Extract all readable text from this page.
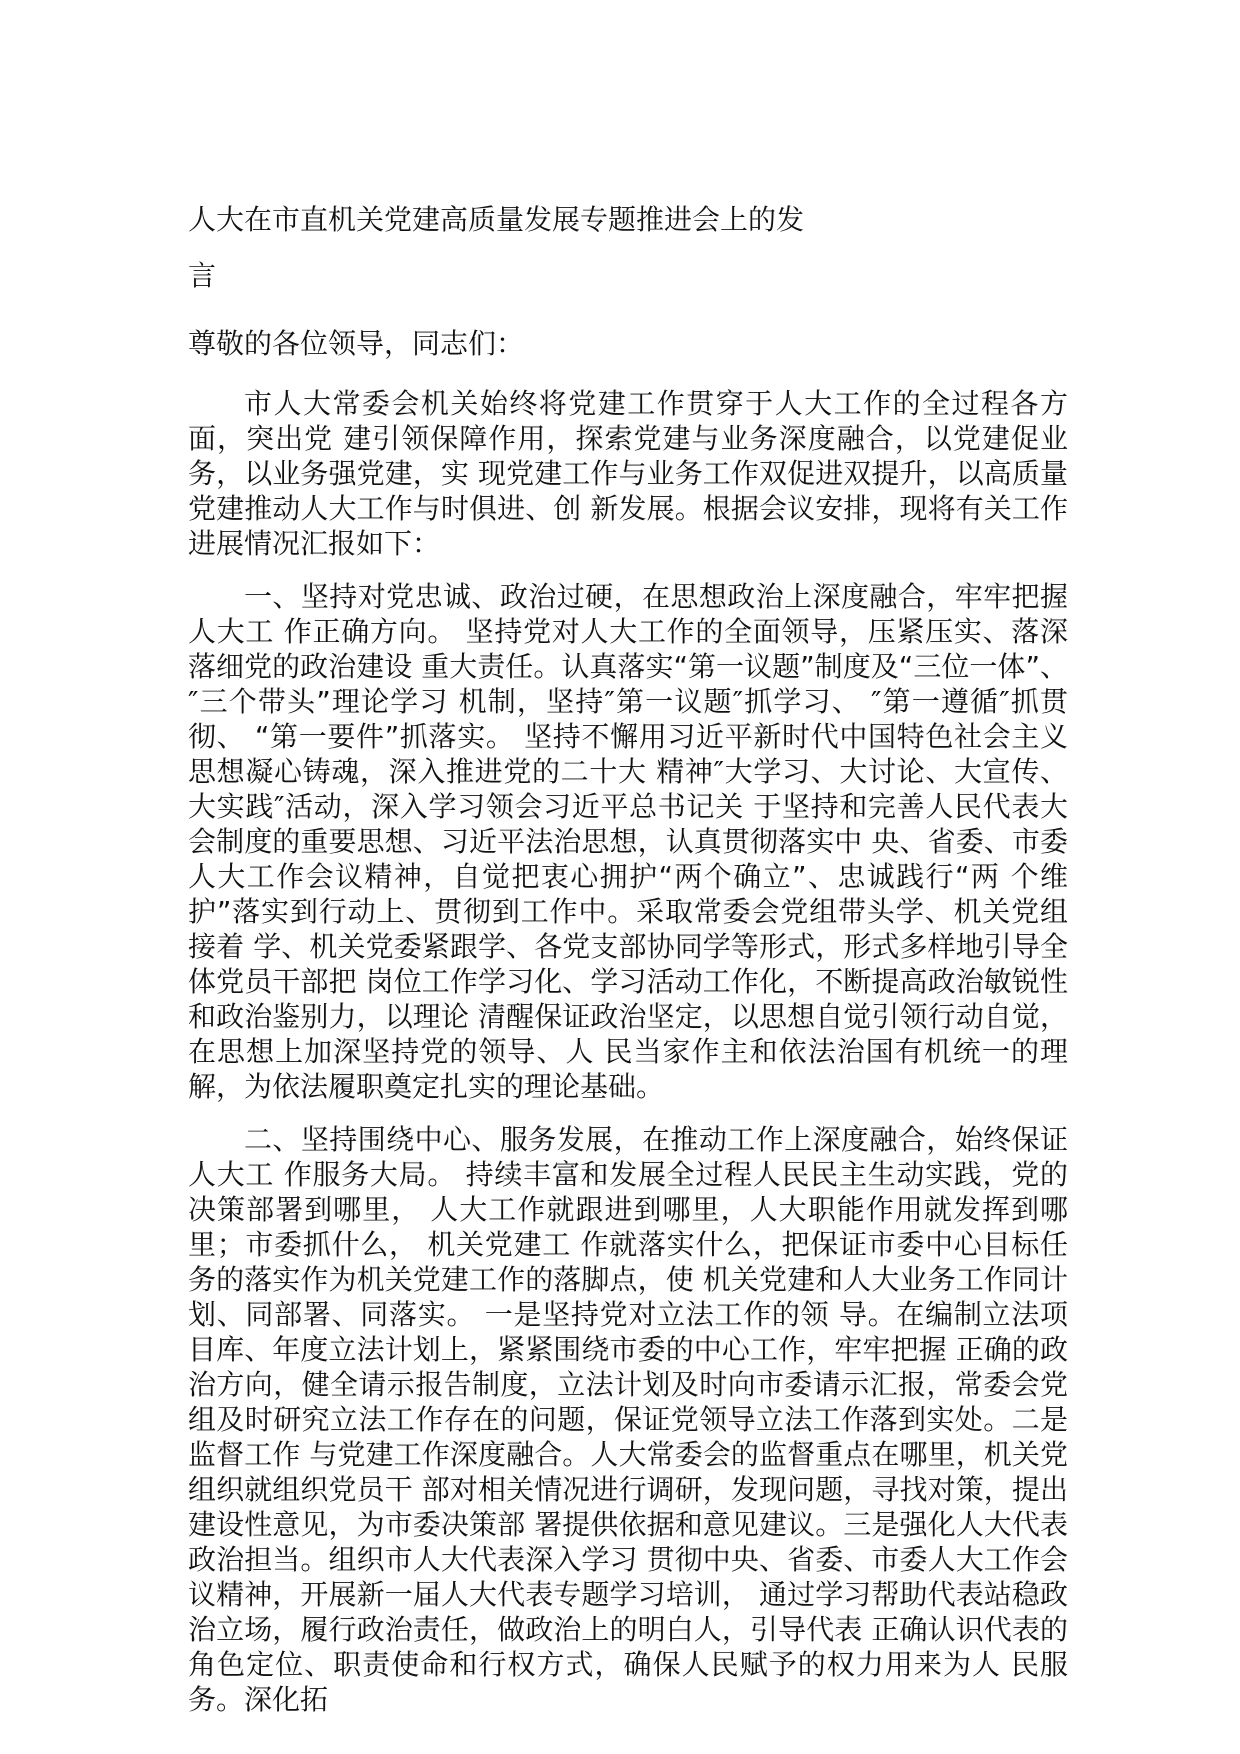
人大在市直机关党建高质量发展专题推进会上的发
言

尊敬的各位领导，同志们：

市人大常委会机关始终将党建工作贯穿于人大工作的全过程各方面，突出党 建引领保障作用，探索党建与业务深度融合，以党建促业务，以业务强党建，实 现党建工作与业务工作双促进双提升，以高质量党建推动人大工作与时俱进、创 新发展。根据会议安排，现将有关工作进展情况汇报如下：

一、坚持对党忠诚、政治过硬，在思想政治上深度融合，牢牢把握人大工 作正确方向。 坚持党对人大工作的全面领导，压紧压实、落深落细党的政治建设 重大责任。认真落实“第一议题”制度及“三位一体”、″三个带头”理论学习 机制，坚持″第一议题″抓学习、 ″第一遵循″抓贯彻、 “第一要件”抓落实。 坚持不懈用习近平新时代中国特色社会主义思想凝心铸魂，深入推进党的二十大 精神″大学习、大讨论、大宣传、大实践″活动，深入学习领会习近平总书记关 于坚持和完善人民代表大会制度的重要思想、习近平法治思想，认真贯彻落实中 央、省委、市委人大工作会议精神，自觉把衷心拥护“两个确立”、忠诚践行“两 个维护”落实到行动上、贯彻到工作中。采取常委会党组带头学、机关党组接着 学、机关党委紧跟学、各党支部协同学等形式，形式多样地引导全体党员干部把 岗位工作学习化、学习活动工作化，不断提高政治敏锐性和政治鉴别力，以理论 清醒保证政治坚定，以思想自觉引领行动自觉，在思想上加深坚持党的领导、人 民当家作主和依法治国有机统一的理解，为依法履职奠定扎实的理论基础。

二、坚持围绕中心、服务发展，在推动工作上深度融合，始终保证人大工 作服务大局。 持续丰富和发展全过程人民民主生动实践，党的决策部署到哪里， 人大工作就跟进到哪里，人大职能作用就发挥到哪里；市委抓什么， 机关党建工 作就落实什么，把保证市委中心目标任务的落实作为机关党建工作的落脚点，使 机关党建和人大业务工作同计划、同部署、同落实。 一是坚持党对立法工作的领 导。在编制立法项目库、年度立法计划上，紧紧围绕市委的中心工作，牢牢把握 正确的政治方向，健全请示报告制度，立法计划及时向市委请示汇报，常委会党 组及时研究立法工作存在的问题，保证党领导立法工作落到实处。二是监督工作 与党建工作深度融合。人大常委会的监督重点在哪里，机关党组织就组织党员干 部对相关情况进行调研，发现问题，寻找对策，提出建设性意见，为市委决策部 署提供依据和意见建议。三是强化人大代表政治担当。组织市人大代表深入学习 贯彻中央、省委、市委人大工作会议精神，开展新一届人大代表专题学习培训， 通过学习帮助代表站稳政治立场，履行政治责任，做政治上的明白人，引导代表 正确认识代表的角色定位、职责使命和行权方式，确保人民赋予的权力用来为人 民服务。深化拓
